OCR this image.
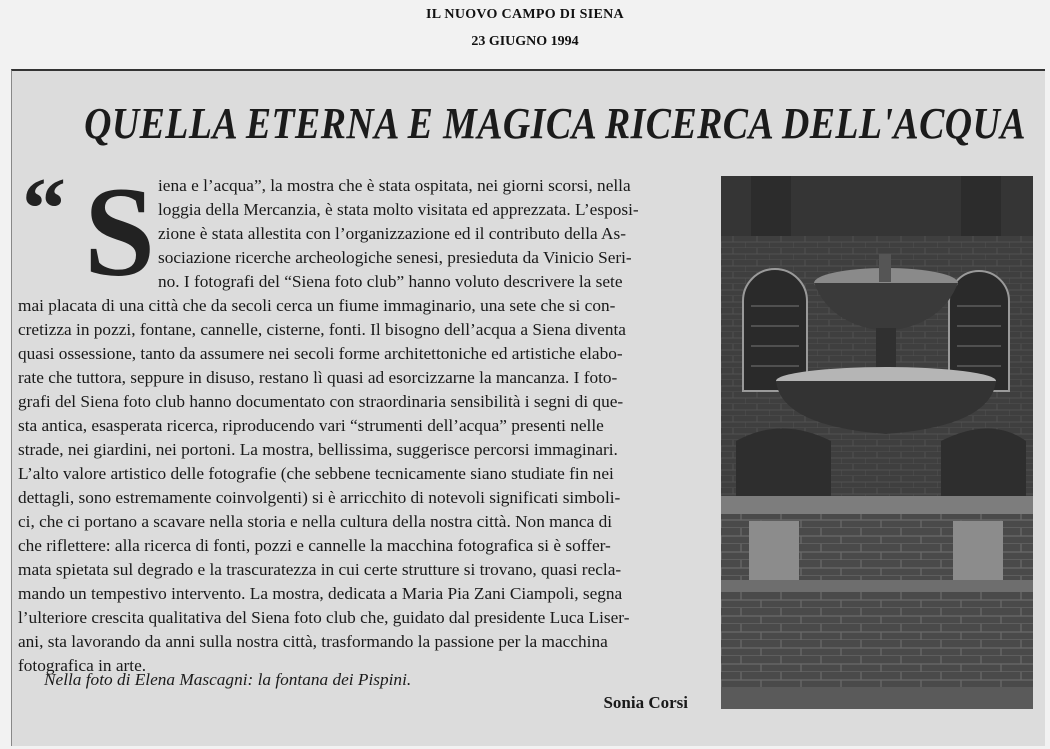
IL NUOVO CAMPO DI SIENA
23 GIUGNO 1994
QUELLA ETERNA E MAGICA RICERCA DELL'ACQUA
“ S iena e l’acqua”, la mostra che è stata ospitata, nei giorni scorsi, nella
loggia della Mercanzia, è stata molto visitata ed apprezzata. L’esposi-
zione è stata allestita con l’organizzazione ed il contributo della As-
sociazione ricerche archeologiche senesi, presieduta da Vinicio Seri-
no. I fotografi del “Siena foto club” hanno voluto descrivere la sete
mai placata di una città che da secoli cerca un fiume immaginario, una sete che si con-
cretizza in pozzi, fontane, cannelle, cisterne, fonti. Il bisogno dell’acqua a Siena diventa
quasi ossessione, tanto da assumere nei secoli forme architettoniche ed artistiche elabo-
rate che tuttora, seppure in disuso, restano lì quasi ad esorcizzarne la mancanza. I foto-
grafi del Siena foto club hanno documentato con straordinaria sensibilità i segni di que-
sta antica, esasperata ricerca, riproducendo vari “strumenti dell’acqua” presenti nelle
strade, nei giardini, nei portoni. La mostra, bellissima, suggerisce percorsi immaginari.
L’alto valore artistico delle fotografie (che sebbene tecnicamente siano studiate fin nei
dettagli, sono estremamente coinvolgenti) si è arricchito di notevoli significati simboli-
ci, che ci portano a scavare nella storia e nella cultura della nostra città. Non manca di
che riflettere: alla ricerca di fonti, pozzi e cannelle la macchina fotografica si è soffer-
mata spietata sul degrado e la trascuratezza in cui certe strutture si trovano, quasi recla-
mando un tempestivo intervento. La mostra, dedicata a Maria Pia Zani Ciampoli, segna
l’ulteriore crescita qualitativa del Siena foto club che, guidato dal presidente Luca Liser-
ani, sta lavorando da anni sulla nostra città, trasformando la passione per la macchina
fotografica in arte.
Nella foto di Elena Mascagni: la fontana dei Pispini.
Sonia Corsi
